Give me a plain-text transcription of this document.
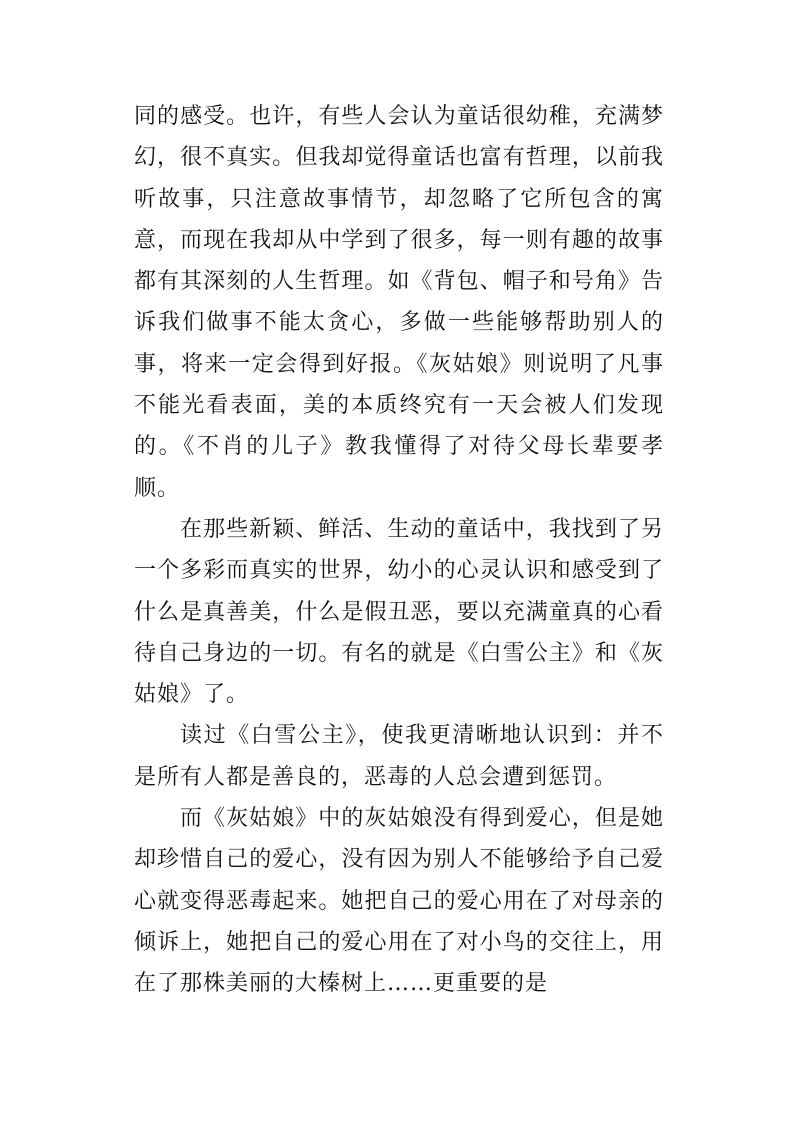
同的感受。也许，有些人会认为童话很幼稚，充满梦幻，很不真实。但我却觉得童话也富有哲理，以前我听故事，只注意故事情节，却忽略了它所包含的寓意，而现在我却从中学到了很多，每一则有趣的故事都有其深刻的人生哲理。如《背包、帽子和号角》告诉我们做事不能太贪心，多做一些能够帮助别人的事，将来一定会得到好报。《灰姑娘》则说明了凡事不能光看表面，美的本质终究有一天会被人们发现的。《不肖的儿子》教我懂得了对待父母长辈要孝顺。

在那些新颖、鲜活、生动的童话中，我找到了另一个多彩而真实的世界，幼小的心灵认识和感受到了什么是真善美，什么是假丑恶，要以充满童真的心看待自己身边的一切。有名的就是《白雪公主》和《灰姑娘》了。

读过《白雪公主》，使我更清晰地认识到：并不是所有人都是善良的，恶毒的人总会遭到惩罚。

而《灰姑娘》中的灰姑娘没有得到爱心，但是她却珍惜自己的爱心，没有因为别人不能够给予自己爱心就变得恶毒起来。她把自己的爱心用在了对母亲的倾诉上，她把自己的爱心用在了对小鸟的交往上，用在了那株美丽的大榛树上……更重要的是
